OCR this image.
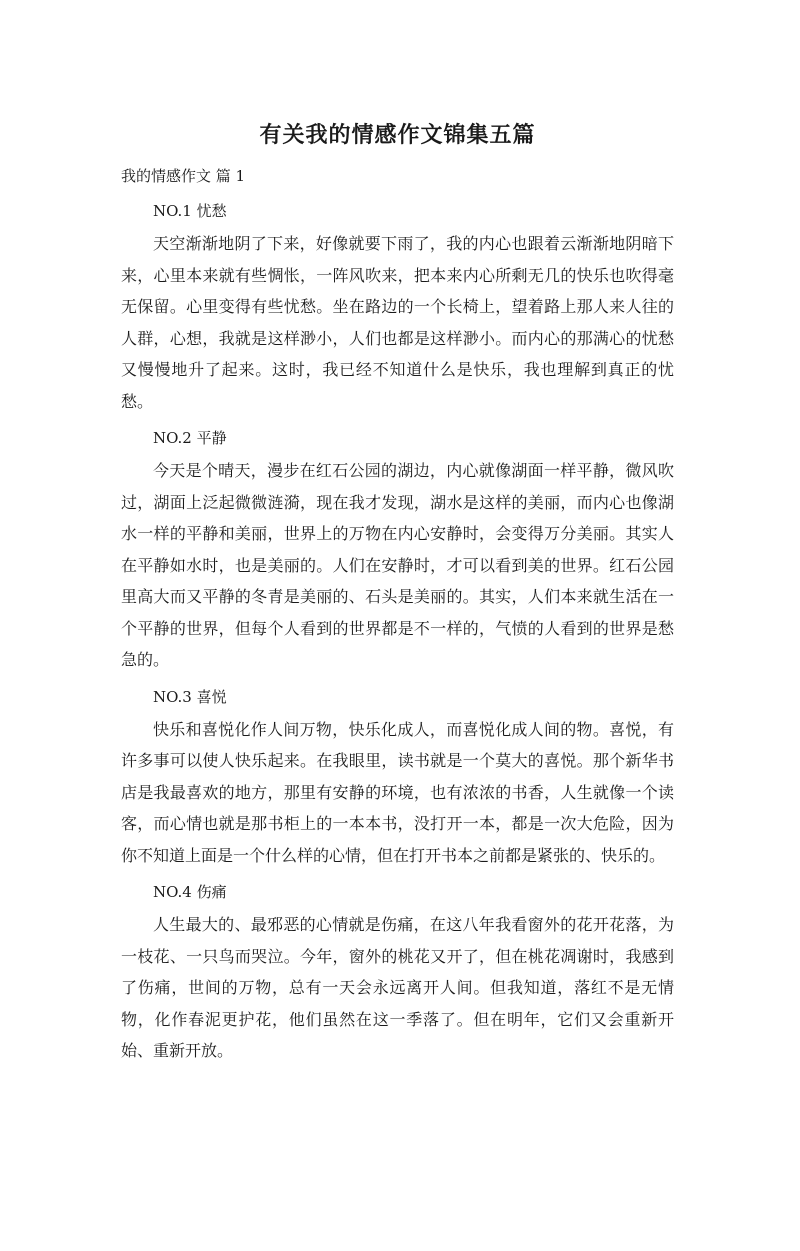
有关我的情感作文锦集五篇
我的情感作文 篇 1
NO.1 忧愁

天空渐渐地阴了下来，好像就要下雨了，我的内心也跟着云渐渐地阴暗下来，心里本来就有些惆怅，一阵风吹来，把本来内心所剩无几的快乐也吹得毫无保留。心里变得有些忧愁。坐在路边的一个长椅上，望着路上那人来人往的人群，心想，我就是这样渺小，人们也都是这样渺小。而内心的那满心的忧愁又慢慢地升了起来。这时，我已经不知道什么是快乐，我也理解到真正的忧愁。

NO.2 平静

今天是个晴天，漫步在红石公园的湖边，内心就像湖面一样平静，微风吹过，湖面上泛起微微涟漪，现在我才发现，湖水是这样的美丽，而内心也像湖水一样的平静和美丽，世界上的万物在内心安静时，会变得万分美丽。其实人在平静如水时，也是美丽的。人们在安静时，才可以看到美的世界。红石公园里高大而又平静的冬青是美丽的、石头是美丽的。其实，人们本来就生活在一个平静的世界，但每个人看到的世界都是不一样的，气愤的人看到的世界是愁急的。

NO.3 喜悦

快乐和喜悦化作人间万物，快乐化成人，而喜悦化成人间的物。喜悦，有许多事可以使人快乐起来。在我眼里，读书就是一个莫大的喜悦。那个新华书店是我最喜欢的地方，那里有安静的环境，也有浓浓的书香，人生就像一个读客，而心情也就是那书柜上的一本本书，没打开一本，都是一次大危险，因为你不知道上面是一个什么样的心情，但在打开书本之前都是紧张的、快乐的。

NO.4 伤痛

人生最大的、最邪恶的心情就是伤痛，在这八年我看窗外的花开花落，为一枝花、一只鸟而哭泣。今年，窗外的桃花又开了，但在桃花凋谢时，我感到了伤痛，世间的万物，总有一天会永远离开人间。但我知道，落红不是无情物，化作春泥更护花，他们虽然在这一季落了。但在明年，它们又会重新开始、重新开放。
